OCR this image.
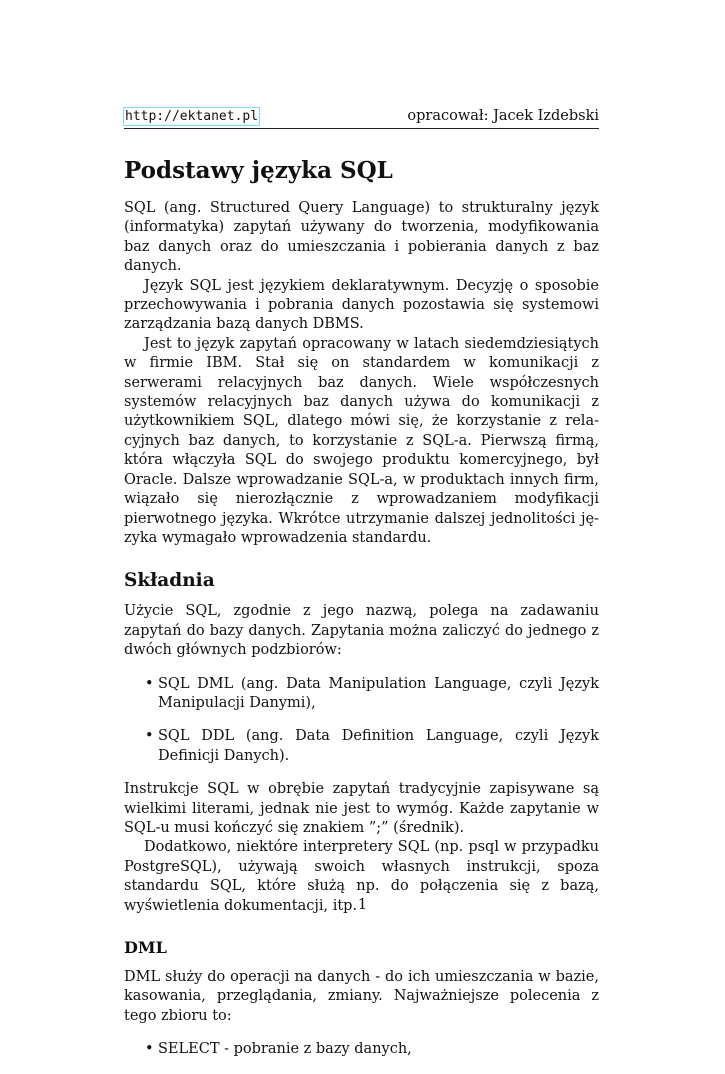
http://ektanet.pl	opracował: Jacek Izdebski
Podstawy języka SQL

SQL (ang. Structured Query Language) to strukturalny język (informatyka) zapytań używany do tworzenia, modyfikowania baz danych oraz do umieszczania i pobierania danych z baz danych.

Język SQL jest językiem deklaratywnym. Decyzję o sposobie przechowywania i pobrania danych pozostawia się systemowi zarządzania bazą danych DBMS.

Jest to język zapytań opracowany w latach siedemdziesiątych w firmie IBM. Stał się on standardem w komunikacji z serwerami relacyjnych baz danych. Wiele współczesnych systemów relacyjnych baz danych używa do komunikacji z użytkownikiem SQL, dlatego mówi się, że korzystanie z relacyjnych baz danych, to korzystanie z SQL-a. Pierwszą firmą, która włączyła SQL do swojego produktu komercyjnego, był Oracle. Dalsze wprowadzanie SQL-a, w produktach innych firm, wiązało się nierozłącznie z wprowadzaniem modyfikacji pierwotnego języka. Wkrótce utrzymanie dalszej jednolitości języka wymagało wprowadzenia standardu.

Składnia

Użycie SQL, zgodnie z jego nazwą, polega na zadawaniu zapytań do bazy danych. Zapytania można zaliczyć do jednego z dwóch głównych podzbiorów:

• SQL DML (ang. Data Manipulation Language, czyli Język Manipulacji Danymi),
• SQL DDL (ang. Data Definition Language, czyli Język Definicji Danych).

Instrukcje SQL w obrębie zapytań tradycyjnie zapisywane są wielkimi literami, jednak nie jest to wymóg. Każde zapytanie w SQL-u musi kończyć się znakiem ”;” (średnik).

Dodatkowo, niektóre interpretery SQL (np. psql w przypadku PostgreSQL), używają swoich własnych instrukcji, spoza standardu SQL, które służą np. do połączenia się z bazą, wyświetlenia dokumentacji, itp.

DML

DML służy do operacji na danych - do ich umieszczania w bazie, kasowania, przeglądania, zmiany. Najważniejsze polecenia z tego zbioru to:

• SELECT - pobranie z bazy danych,
1
